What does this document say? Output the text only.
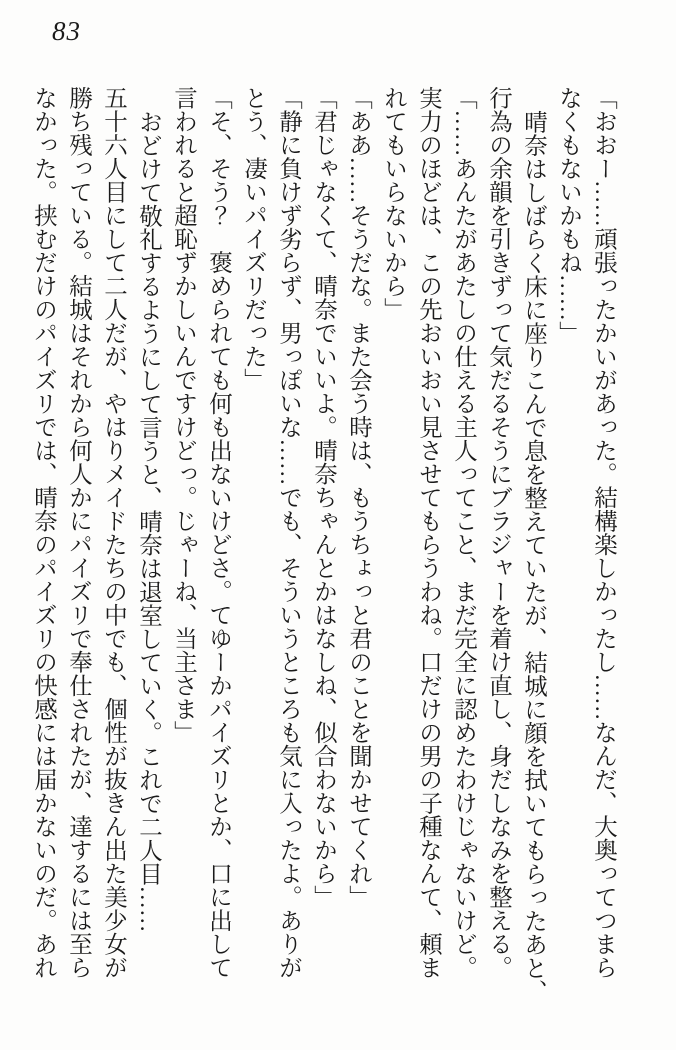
83
「おおー……頑張ったかいがあった。結構楽しかったし……なんだ、大奥ってつまら
なくもないかもね……」
晴奈はしばらく床に座りこんで息を整えていたが、結城に顔を拭いてもらったあと、
行為の余韻を引きずって気だるそうにブラジャーを着け直し、身だしなみを整える。
「……あんたがあたしの仕える主人ってこと、まだ完全に認めたわけじゃないけど。
実力のほどは、この先おいおい見させてもらうわね。口だけの男の子種なんて、頼ま
れてもいらないから」
「ああ……そうだな。また会う時は、もうちょっと君のことを聞かせてくれ」
「君じゃなくて、晴奈でいいよ。晴奈ちゃんとかはなしね、似合わないから」
「静に負けず劣らず、男っぽいな……でも、そういうところも気に入ったよ。ありが
とう、凄いパイズリだった」
「そ、そう？　褒められても何も出ないけどさ。てゆーかパイズリとか、口に出して
言われると超恥ずかしいんですけどっ。じゃーね、当主さま」
おどけて敬礼するようにして言うと、晴奈は退室していく。これで二人目……
五十六人目にして二人だが、やはりメイドたちの中でも、個性が抜きん出た美少女が
勝ち残っている。結城はそれから何人かにパイズリで奉仕されたが、達するには至ら
なかった。挟むだけのパイズリでは、晴奈のパイズリの快感には届かないのだ。あれ
